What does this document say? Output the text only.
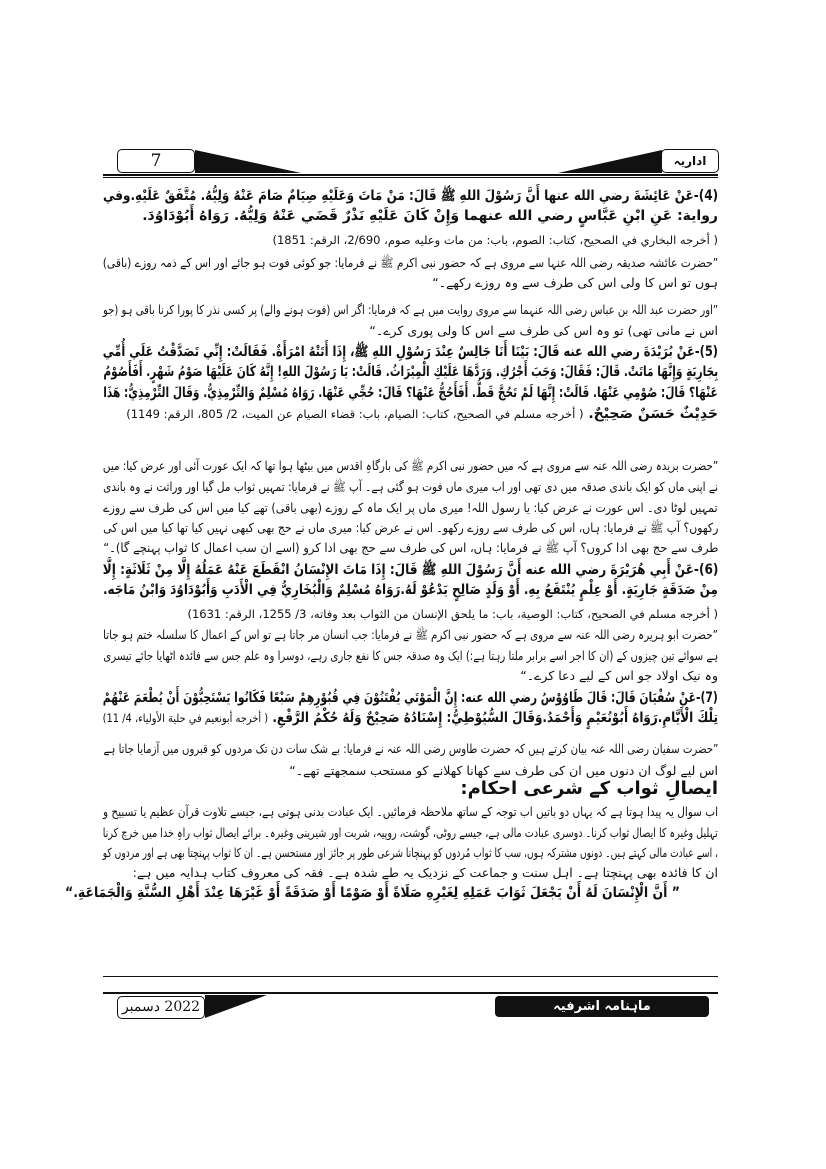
7	اداریہ
(4)-عَنْ عَائِشَةَ رضي الله عنها أَنَّ رَسُوْلَ اللهِ ﷺ قَالَ: مَنْ مَاتَ وَعَلَيْهِ صِيَامٌ صَامَ عَنْهُ وَلِيُّهُ. مُتَّفَقٌ عَلَيْهِ.وفي
رواية: عَنِ ابْنِ عَبَّاسٍ رضي الله عنهما وَإِنْ كَانَ عَلَيْهِ نَذْرٌ قَضَي عَنْهُ وَلِيُّهُ. رَوَاهُ أَبُوْدَاوُدَ.
( أخرجه البخاري في الصحيح، كتاب: الصوم، باب: من مات وعليه صوم، 2/690، الرقم: 1851)
”حضرت عائشہ صدیقہ رضی اللہ عنہا سے مروی ہے کہ حضور نبی اکرم ﷺ نے فرمایا: جو کوئی فوت ہو جائے اور اس کے ذمہ روزے (باقی)
ہوں تو اس کا ولی اس کی طرف سے وہ روزے رکھے۔“
”اور حضرت عبد اللہ بن عباس رضی اللہ عنہما سے مروی روایت میں ہے کہ فرمایا: اگر اس (فوت ہونے والے) پر کسی نذر کا پورا کرنا باقی ہو (جو
اس نے مانی تھی) تو وہ اس کی طرف سے اس کا ولی پوری کرے۔“
(5)-عَنْ بُرَيْدَةَ رضي الله عنه قَالَ: بَيْنَا أَنَا جَالِسٌ عِنْدَ رَسُوْلِ اللهِ ﷺ، إِذَا أَتَتْهُ امْرَأَةٌ. فَقَالَتْ: إِنِّي تَصَدَّقْتُ عَلَي أُمِّي
بِجَارِيَةٍ وَإِنَّهَا مَاتَتْ. قَالَ: فَقَالَ: وَجَبَ أَجْرُكِ. وَرَدَّهَا عَلَيْكِ الْمِيْرَاثُ. قَالَتْ: يَا رَسُوْلَ اللهِ! إِنَّهُ كَانَ عَلَيْهَا صَوْمُ شَهْرٍ. أَفَأَصُوْمُ
عَنْهَا؟ قَالَ: صُوْمِي عَنْهَا. قَالَتْ: إِنَّهَا لَمْ تَحُجَّ قَطُّ. أَفَأَحُجُّ عَنْهَا؟ قَالَ: حُجِّي عَنْهَا. رَوَاهُ مُسْلِمٌ وَالتِّرْمِذِيُّ. وَقَالَ التِّرْمِذِيُّ: هَذَا
حَدِيْثٌ حَسَنٌ صَحِيْحٌ. ( أخرجه مسلم في الصحيح، كتاب: الصيام، باب: قضاء الصيام عن الميت، 2/ 805، الرقم: 1149)
”حضرت بریدہ رضی اللہ عنہ سے مروی ہے کہ میں حضور نبی اکرم ﷺ کی بارگاہِ اقدس میں بیٹھا ہوا تھا کہ ایک عورت آئی اور عرض کیا: میں
نے اپنی ماں کو ایک باندی صدقہ میں دی تھی اور اب میری ماں فوت ہو گئی ہے۔ آپ ﷺ نے فرمایا: تمہیں ثواب مل گیا اور وراثت نے وہ باندی
تمہیں لوٹا دی۔ اس عورت نے عرض کیا: یا رسول اللہ! میری ماں پر ایک ماہ کے روزے (بھی باقی) تھے کیا میں اس کی طرف سے روزے
رکھوں؟ آپ ﷺ نے فرمایا: ہاں، اس کی طرف سے روزے رکھو۔ اس نے عرض کیا: میری ماں نے حج بھی کبھی نہیں کیا تھا کیا میں اس کی
طرف سے حج بھی ادا کروں؟ آپ ﷺ نے فرمایا: ہاں، اس کی طرف سے حج بھی ادا کرو (اسے ان سب اعمال کا ثواب پہنچے گا)۔“
(6)-عَنْ أَبِي هُرَيْرَةَ رضي الله عنه أَنَّ رَسُوْلَ اللهِ ﷺ قَالَ: إِذَا مَاتَ الإِنْسَانُ انْقَطَعَ عَنْهُ عَمَلُهُ إِلَّا مِنْ ثَلَاثَةٍ: إِلَّا
مِنْ صَدَقَةٍ جَارِيَةٍ. أَوْ عِلْمٍ يُنْتَفَعُ بِهِ. أَوْ وَلَدٍ صَالِحٍ يَدْعُوْ لَهُ.رَوَاهُ مُسْلِمٌ وَالْبُخَارِيُّ فِي الْأَدَبِ وَأَبُوْدَاوُدَ وَابْنُ مَاجَه.
( أخرجه مسلم في الصحيح، كتاب: الوصية، باب: ما يلحق الإنسان من الثواب بعد وفاته، 3/ 1255، الرقم: 1631)
”حضرت ابو ہریرہ رضی اللہ عنہ سے مروی ہے کہ حضور نبی اکرم ﷺ نے فرمایا: جب انسان مر جاتا ہے تو اس کے اعمال کا سلسلہ ختم ہو جاتا
ہے سوائے تین چیزوں کے (ان کا اجر اسے برابر ملتا رہتا ہے:) ایک وہ صدقہ جس کا نفع جاری رہے، دوسرا وہ علم جس سے فائدہ اٹھایا جائے تیسری
وہ نیک اولاد جو اس کے لیے دعا کرے۔“
(7)-عَنْ سُفْيَانَ قَالَ: قَالَ طَاوُوْسُ رضي الله عنه: إِنَّ الْمَوْتَي يُفْتَنُوْنَ فِي قُبُوْرِهِمْ سَبْعًا فَكَانُوا يَسْتَحِبُّوْنَ أَنْ يُطْعَمَ عَنْهُمْ
تِلْكَ الْأَيَّامِ.رَوَاهُ أَبُوْنُعَيْمٍ وَأَحْمَدُ.وَقَالَ السُّيُوْطِيُّ: إِسْنَادُهُ صَحِيْحٌ وَلَهُ حُكْمُ الرَّفْعِ. ( أخرجه أبونعيم في حلية الأولياء، 4/ 11)
”حضرت سفیان رضی اللہ عنہ بیان کرتے ہیں کہ حضرت طاوس رضی اللہ عنہ نے فرمایا: بے شک سات دن تک مردوں کو قبروں میں آزمایا جاتا ہے
اس لیے لوگ ان دنوں میں ان کی طرف سے کھانا کھلانے کو مستحب سمجھتے تھے۔“
ایصالِ ثواب کے شرعی احکام:
اب سوال یہ پیدا ہوتا ہے کہ یہاں دو باتیں اب توجہ کے ساتھ ملاحظہ فرمائیں۔ ایک عبادت بدنی ہوتی ہے، جیسے تلاوت قرآن عظیم یا تسبیح و
تہلیل وغیرہ کا ایصال ثواب کرنا۔ دوسری عبادت مالی ہے، جیسے روٹی، گوشت، روپیہ، شربت اور شیرینی وغیرہ۔ برائے ایصال ثواب راہِ خدا میں خرچ کرنا
، اسے عبادت مالی کہتے ہیں۔ دونوں مشترکہ ہوں، سب کا ثواب مُردوں کو پہنچانا شرعی طور پر جائز اور مستحسن ہے۔ ان کا ثواب پہنچتا بھی ہے اور مردوں کو
ان کا فائدہ بھی پہنچتا ہے۔ اہل سنت و جماعت کے نزدیک یہ طے شدہ ہے۔ فقہ کی معروف کتاب ہدایہ میں ہے:
” أَنَّ الْإِنْسَانَ لَهُ أَنْ يَجْعَلَ ثَوَابَ عَمَلِهِ لِغَيْرِهِ صَلَاةً أَوْ صَوْمًا أَوْ صَدَقَةً أَوْ غَيْرَهَا عِنْدَ أَهْلِ السُّنَّةِ وَالْجَمَاعَةِ.“
2022 دسمبر	ماہنامہ اشرفیہ
